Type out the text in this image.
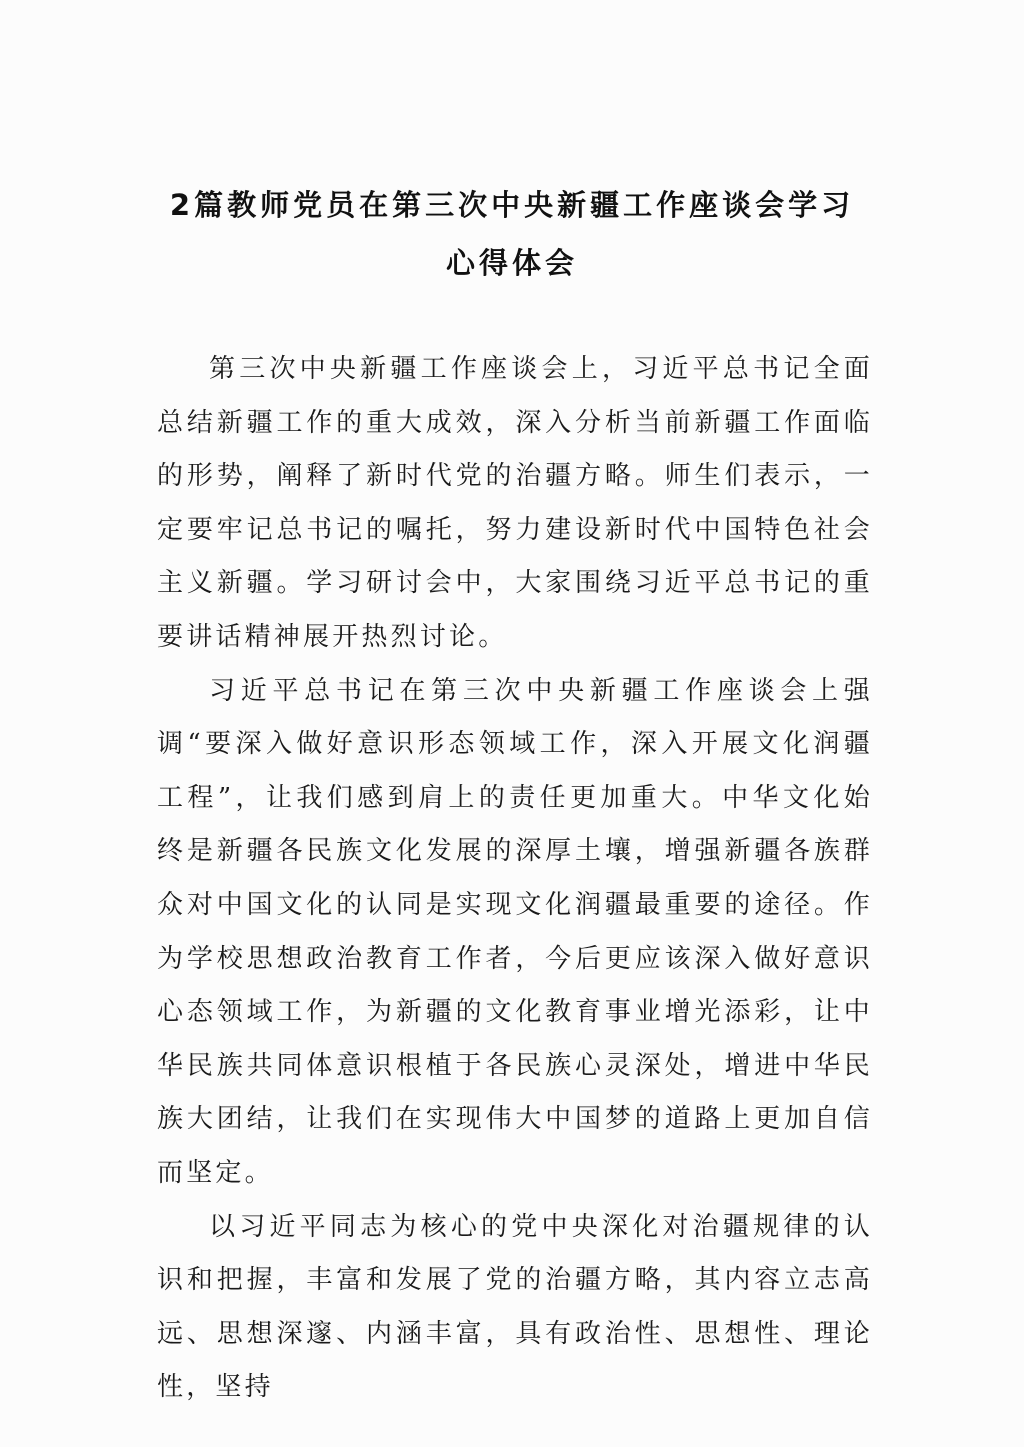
2篇教师党员在第三次中央新疆工作座谈会学习
心得体会

第三次中央新疆工作座谈会上，习近平总书记全面总结新疆工作的重大成效，深入分析当前新疆工作面临的形势，阐释了新时代党的治疆方略。师生们表示，一定要牢记总书记的嘱托，努力建设新时代中国特色社会主义新疆。学习研讨会中，大家围绕习近平总书记的重要讲话精神展开热烈讨论。

习近平总书记在第三次中央新疆工作座谈会上强调“要深入做好意识形态领域工作，深入开展文化润疆工程”，让我们感到肩上的责任更加重大。中华文化始终是新疆各民族文化发展的深厚土壤，增强新疆各族群众对中国文化的认同是实现文化润疆最重要的途径。作为学校思想政治教育工作者，今后更应该深入做好意识心态领域工作，为新疆的文化教育事业增光添彩，让中华民族共同体意识根植于各民族心灵深处，增进中华民族大团结，让我们在实现伟大中国梦的道路上更加自信而坚定。

以习近平同志为核心的党中央深化对治疆规律的认识和把握，丰富和发展了党的治疆方略，其内容立志高远、思想深邃、内涵丰富，具有政治性、思想性、理论性，坚持
